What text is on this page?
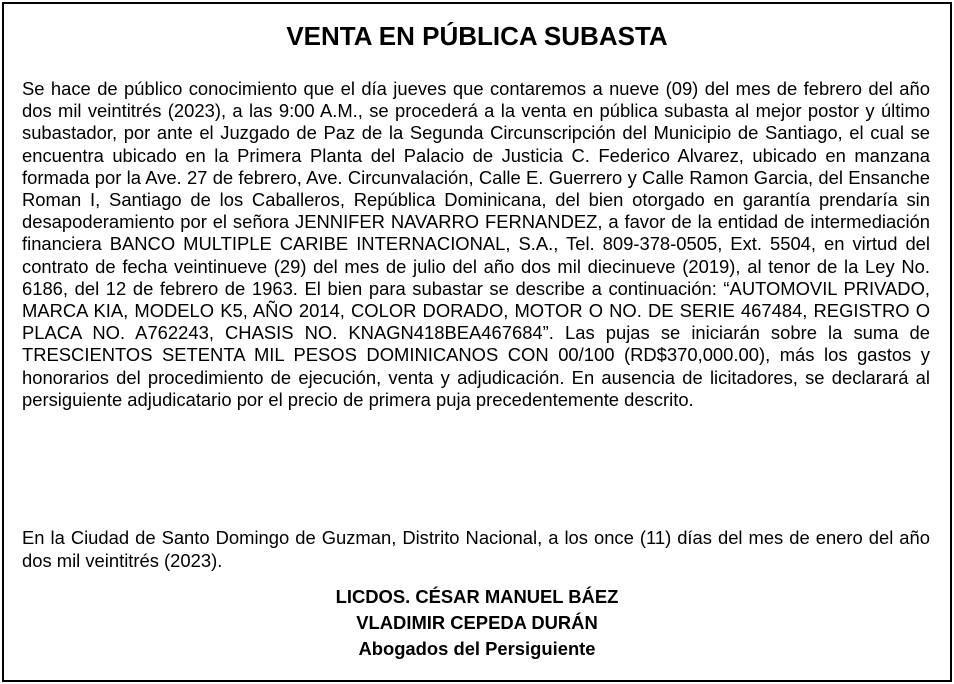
VENTA EN PÚBLICA SUBASTA

Se hace de público conocimiento que el día jueves que contaremos a nueve (09) del mes de febrero del año dos mil veintitrés (2023), a las 9:00 A.M., se procederá a la venta en pública subasta al mejor postor y último subastador, por ante el Juzgado de Paz de la Segunda Circunscripción del Municipio de Santiago, el cual se encuentra ubicado en la Primera Planta del Palacio de Justicia C. Federico Alvarez, ubicado en manzana formada por la Ave. 27 de febrero, Ave. Circunvalación, Calle E. Guerrero y Calle Ramon Garcia, del Ensanche Roman I, Santiago de los Caballeros, República Dominicana, del bien otorgado en garantía prendaría sin desapoderamiento por el señora JENNIFER NAVARRO FERNANDEZ, a favor de la entidad de intermediación financiera BANCO MULTIPLE CARIBE INTERNACIONAL, S.A., Tel. 809-378-0505, Ext. 5504, en virtud del contrato de fecha veintinueve (29) del mes de julio del año dos mil diecinueve (2019), al tenor de la Ley No. 6186, del 12 de febrero de 1963. El bien para subastar se describe a continuación: “AUTOMOVIL PRIVADO, MARCA KIA, MODELO K5, AÑO 2014, COLOR DORADO, MOTOR O NO. DE SERIE 467484, REGISTRO O PLACA NO. A762243, CHASIS NO. KNAGN418BEA467684”. Las pujas se iniciarán sobre la suma de TRESCIENTOS SETENTA MIL PESOS DOMINICANOS CON 00/100 (RD$370,000.00), más los gastos y honorarios del procedimiento de ejecución, venta y adjudicación. En ausencia de licitadores, se declarará al persiguiente adjudicatario por el precio de primera puja precedentemente descrito.

En la Ciudad de Santo Domingo de Guzman, Distrito Nacional, a los once (11) días del mes de enero del año dos mil veintitrés (2023).

LICDOS. CÉSAR MANUEL BÁEZ
VLADIMIR CEPEDA DURÁN
Abogados del Persiguiente
